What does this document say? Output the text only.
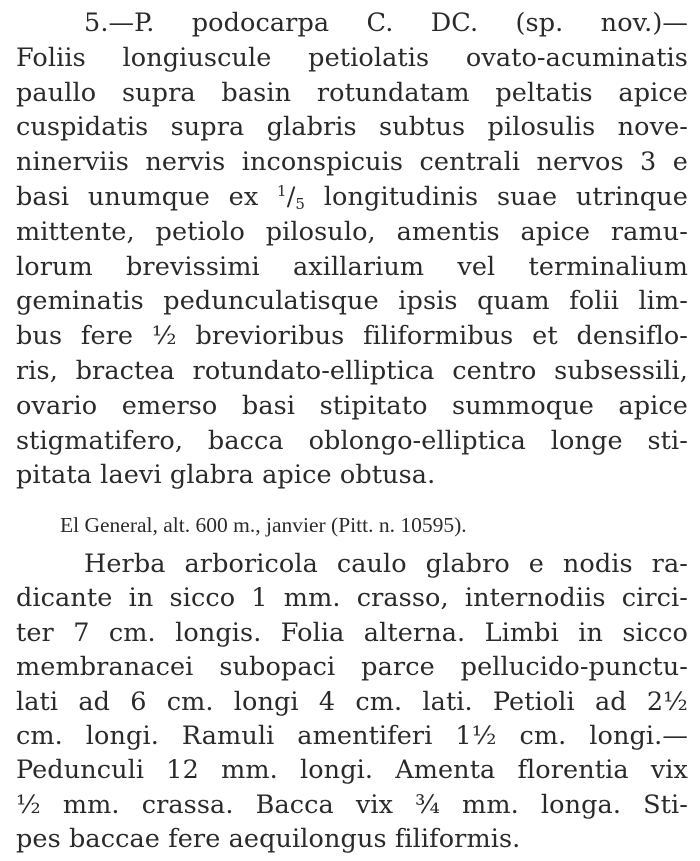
5.—P. podocarpa C. DC. (sp. nov.)—
Foliis longiuscule petiolatis ovato-acuminatis
paullo supra basin rotundatam peltatis apice
cuspidatis supra glabris subtus pilosulis nove-
ninerviis nervis inconspicuis centrali nervos 3 e
basi unumque ex $^1/_5$ longitudinis suae utrinque
mittente, petiolo pilosulo, amentis apice ramu-
lorum brevissimi axillarium vel terminalium
geminatis pedunculatisque ipsis quam folii lim-
bus fere ½ brevioribus filiformibus et densiflo-
ris, bractea rotundato-elliptica centro subsessili,
ovario emerso basi stipitato summoque apice
stigmatifero, bacca oblongo-elliptica longe sti-
pitata laevi glabra apice obtusa.
El General, alt. 600 m., janvier (Pitt. n. 10595).
Herba arboricola caulo glabro e nodis ra-
dicante in sicco 1 mm. crasso, internodiis circi-
ter 7 cm. longis. Folia alterna. Limbi in sicco
membranacei subopaci parce pellucido-punctu-
lati ad 6 cm. longi 4 cm. lati. Petioli ad 2½
cm. longi. Ramuli amentiferi 1½ cm. longi.—
Pedunculi 12 mm. longi. Amenta florentia vix
½ mm. crassa. Bacca vix ¾ mm. longa. Sti-
pes baccae fere aequilongus filiformis.
